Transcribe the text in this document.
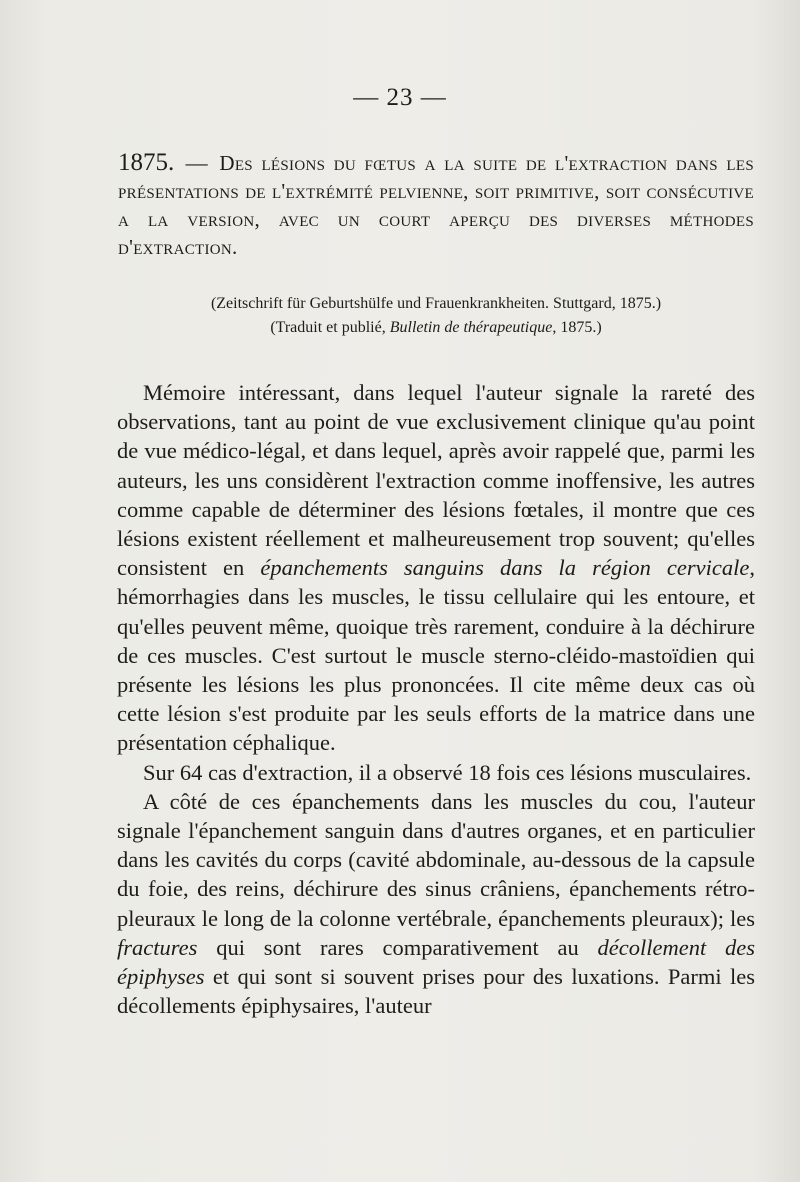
— 23 —
1875. — Des lésions du fœtus a la suite de l'extraction dans les présentations de l'extrémité pelvienne, soit primitive, soit consécutive a la version, avec un court aperçu des diverses méthodes d'extraction.
(Zeitschrift für Geburtshülfe und Frauenkrankheiten. Stuttgard, 1875.)
(Traduit et publié, Bulletin de thérapeutique, 1875.)

Mémoire intéressant, dans lequel l'auteur signale la rareté des observations, tant au point de vue exclusivement clinique qu'au point de vue médico-légal, et dans lequel, après avoir rappelé que, parmi les auteurs, les uns considèrent l'extraction comme inoffensive, les autres comme capable de déterminer des lésions fœtales, il montre que ces lésions existent réellement et malheureusement trop souvent; qu'elles consistent en épanchements sanguins dans la région cervicale, hémorrhagies dans les muscles, le tissu cellulaire qui les entoure, et qu'elles peuvent même, quoique très rarement, conduire à la déchirure de ces muscles. C'est surtout le muscle sterno-cléido-mastoïdien qui présente les lésions les plus prononcées. Il cite même deux cas où cette lésion s'est produite par les seuls efforts de la matrice dans une présentation céphalique.

Sur 64 cas d'extraction, il a observé 18 fois ces lésions musculaires.

A côté de ces épanchements dans les muscles du cou, l'auteur signale l'épanchement sanguin dans d'autres organes, et en particulier dans les cavités du corps (cavité abdominale, au-dessous de la capsule du foie, des reins, déchirure des sinus crâniens, épanchements rétro-pleuraux le long de la colonne vertébrale, épanchements pleuraux); les fractures qui sont rares comparativement au décollement des épiphyses et qui sont si souvent prises pour des luxations. Parmi les décollements épiphysaires, l'auteur
